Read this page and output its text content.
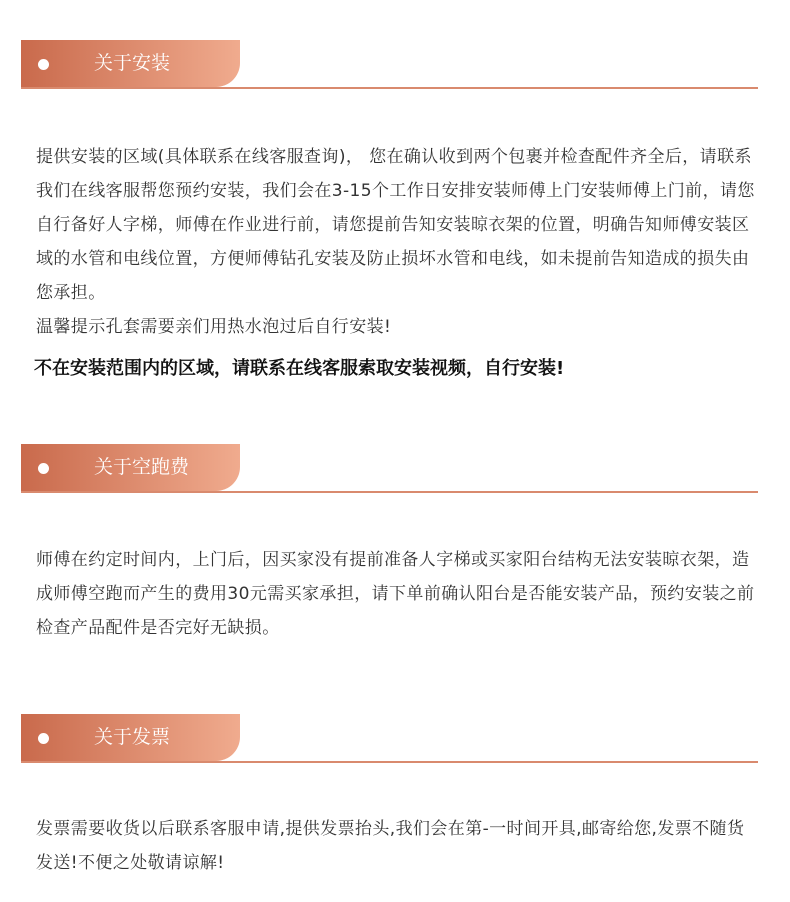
关于安装

提供安装的区域(具体联系在线客服查询)， 您在确认收到两个包裹并检查配件齐全后，请联系我们在线客服帮您预约安装，我们会在3-15个工作日安排安装师傅上门安装师傅上门前，请您自行备好人字梯，师傅在作业进行前，请您提前告知安装晾衣架的位置，明确告知师傅安装区域的水管和电线位置，方便师傅钻孔安装及防止损坏水管和电线，如未提前告知造成的损失由您承担。

温馨提示孔套需要亲们用热水泡过后自行安装!

不在安装范围内的区域，请联系在线客服索取安装视频，自行安装!
关于空跑费

师傅在约定时间内，上门后，因买家没有提前准备人字梯或买家阳台结构无法安装晾衣架，造成师傅空跑而产生的费用30元需买家承担，请下单前确认阳台是否能安装产品，预约安装之前检查产品配件是否完好无缺损。

关于发票

发票需要收货以后联系客服申请,提供发票抬头,我们会在第-一时间开具,邮寄给您,发票不随货发送!不便之处敬请谅解!
